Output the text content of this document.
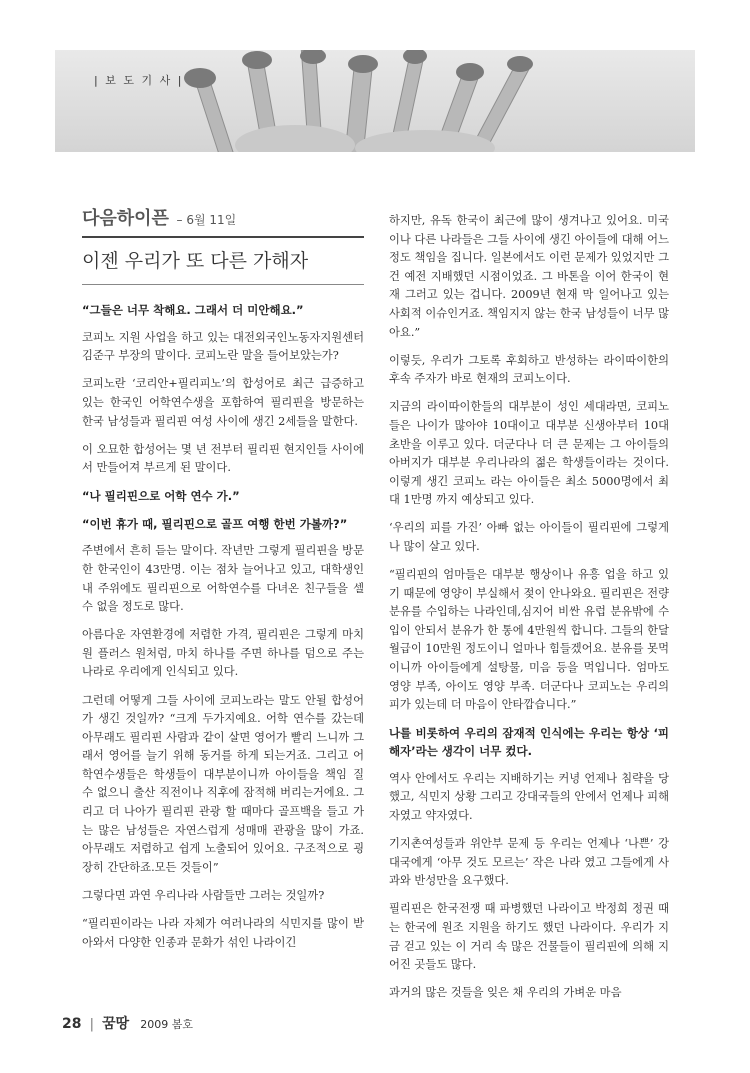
| 보 도 기 사 |
다음하이픈 – 6월 11일
이젠 우리가 또 다른 가해자

“그들은 너무 착해요. 그래서 더 미안해요.”

코피노 지원 사업을 하고 있는 대전외국인노동자지원센터 김준구 부장의 말이다. 코피노란 말을 들어보았는가?

코피노란 ‘코리안+필리피노’의 합성어로 최근 급증하고 있는 한국인 어학연수생을 포함하여 필리핀을 방문하는 한국 남성들과 필리핀 여성 사이에 생긴 2세들을 말한다.

이 오묘한 합성어는 몇 년 전부터 필리핀 현지인들 사이에서 만들어져 부르게 된 말이다.

“나 필리핀으로 어학 연수 가.”

“이번 휴가 때, 필리핀으로 골프 여행 한번 가볼까?”

주변에서 흔히 듣는 말이다. 작년만 그렇게 필리핀을 방문한 한국인이 43만명. 이는 점차 늘어나고 있고, 대학생인 내 주위에도 필리핀으로 어학연수를 다녀온 친구들을 셀 수 없을 정도로 많다.

아름다운 자연환경에 저렴한 가격, 필리핀은 그렇게 마치 원 플러스 원처럼, 마치 하나를 주면 하나를 덤으로 주는 나라로 우리에게 인식되고 있다.

그런데 어떻게 그들 사이에 코피노라는 말도 안될 합성어가 생긴 것일까? “크게 두가지예요. 어학 연수를 갔는데 아무래도 필리핀 사람과 같이 살면 영어가 빨리 느니까 그래서 영어를 늘기 위해 동거를 하게 되는거죠. 그리고 어학연수생들은 학생들이 대부분이니까 아이들을 책임 질 수 없으니 출산 직전이나 직후에 잠적해 버리는거에요. 그리고 더 나아가 필리핀 관광 할 때마다 골프백을 들고 가는 많은 남성들은 자연스럽게 성매매 관광을 많이 가죠. 아무래도 저렴하고 쉽게 노출되어 있어요. 구조적으로 굉장히 간단하죠.모든 것들이”

그렇다면 과연 우리나라 사람들만 그러는 것일까?

“필리핀이라는 나라 자체가 여러나라의 식민지를 많이 받아와서 다양한 인종과 문화가 섞인 나라이긴

하지만, 유독 한국이 최근에 많이 생겨나고 있어요. 미국이나 다른 나라들은 그들 사이에 생긴 아이들에 대해 어느정도 책임을 집니다. 일본에서도 이런 문제가 있었지만 그건 예전 지배했던 시점이었죠. 그 바톤을 이어 한국이 현재 그러고 있는 겁니다. 2009년 현재 막 일어나고 있는 사회적 이슈인거죠. 책임지지 않는 한국 남성들이 너무 많아요.”

이렇듯, 우리가 그토록 후회하고 반성하는 라이따이한의 후속 주자가 바로 현재의 코피노이다.

지금의 라이따이한들의 대부분이 성인 세대라면, 코피노들은 나이가 많아야 10대이고 대부분 신생아부터 10대 초반을 이루고 있다. 더군다나 더 큰 문제는 그 아이들의 아버지가 대부분 우리나라의 젊은 학생들이라는 것이다. 이렇게 생긴 코피노 라는 아이들은 최소 5000명에서 최대 1만명 까지 예상되고 있다.

‘우리의 피를 가진’ 아빠 없는 아이들이 필리핀에 그렇게나 많이 살고 있다.

“필리핀의 엄마들은 대부분 행상이나 유흥 업을 하고 있기 때문에 영양이 부실해서 젖이 안나와요. 필리핀은 전량 분유를 수입하는 나라인데,심지어 비싼 유럽 분유밖에 수입이 안되서 분유가 한 통에 4만원씩 합니다. 그들의 한달 월급이 10만원 정도이니 얼마나 힘들겠어요. 분유를 못먹이니까 아이들에게 설탕물, 미음 등을 먹입니다. 엄마도 영양 부족, 아이도 영양 부족. 더군다나 코피노는 우리의 피가 있는데 더 마음이 안타깝습니다.”

나를 비롯하여 우리의 잠재적 인식에는 우리는 항상 ‘피해자’라는 생각이 너무 컸다.

역사 안에서도 우리는 지배하기는 커녕 언제나 침략을 당했고, 식민지 상황 그리고 강대국들의 안에서 언제나 피해자였고 약자였다.

기지촌여성들과 위안부 문제 등 우리는 언제나 ‘나쁜’ 강대국에게 ‘아무 것도 모르는’ 작은 나라 였고 그들에게 사과와 반성만을 요구했다.

필리핀은 한국전쟁 때 파병했던 나라이고 박정희 정권 때는 한국에 원조 지원을 하기도 했던 나라이다. 우리가 지금 걷고 있는 이 거리 속 많은 건물들이 필리핀에 의해 지어진 곳들도 많다.

과거의 많은 것들을 잊은 채 우리의 가벼운 마음

28 | 꿈땅 2009 봄호
